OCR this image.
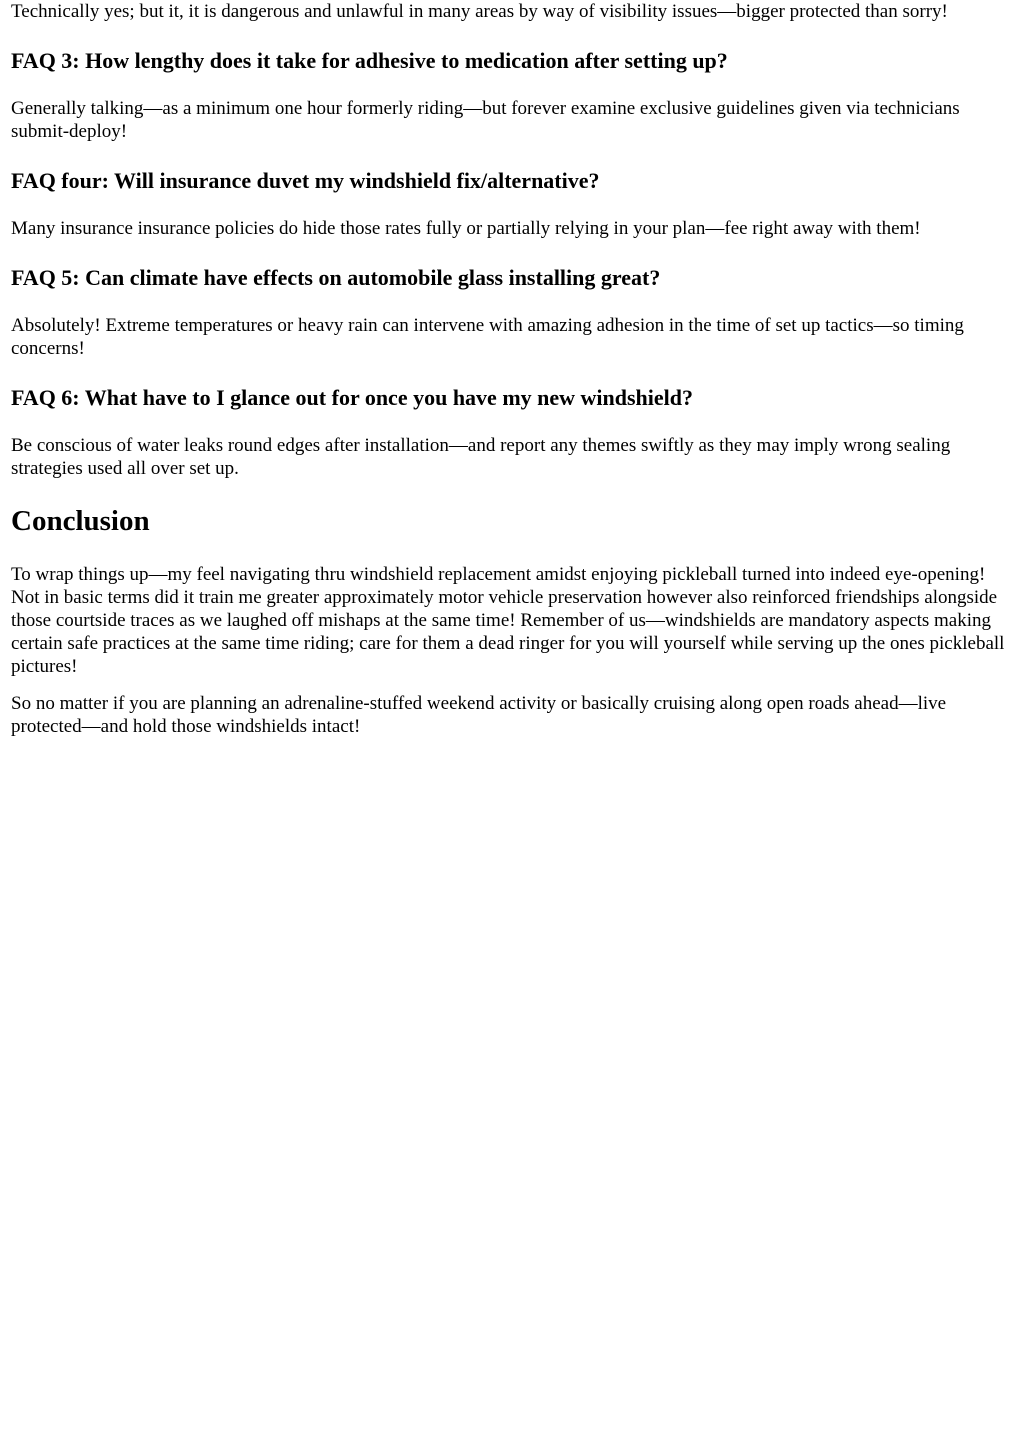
Technically yes; but it, it is dangerous and unlawful in many areas by way of visibility issues—bigger protected than sorry!

FAQ 3: How lengthy does it take for adhesive to medication after setting up?

Generally talking—as a minimum one hour formerly riding—but forever examine exclusive guidelines given via technicians submit-deploy!

FAQ four: Will insurance duvet my windshield fix/alternative?

Many insurance insurance policies do hide those rates fully or partially relying in your plan—fee right away with them!

FAQ 5: Can climate have effects on automobile glass installing great?

Absolutely! Extreme temperatures or heavy rain can intervene with amazing adhesion in the time of set up tactics—so timing concerns!

FAQ 6: What have to I glance out for once you have my new windshield?

Be conscious of water leaks round edges after installation—and report any themes swiftly as they may imply wrong sealing strategies used all over set up.

Conclusion

To wrap things up—my feel navigating thru windshield replacement amidst enjoying pickleball turned into indeed eye-opening! Not in basic terms did it train me greater approximately motor vehicle preservation however also reinforced friendships alongside those courtside traces as we laughed off mishaps at the same time! Remember of us—windshields are mandatory aspects making certain safe practices at the same time riding; care for them a dead ringer for you will yourself while serving up the ones pickleball pictures!

So no matter if you are planning an adrenaline-stuffed weekend activity or basically cruising along open roads ahead—live protected—and hold those windshields intact!
